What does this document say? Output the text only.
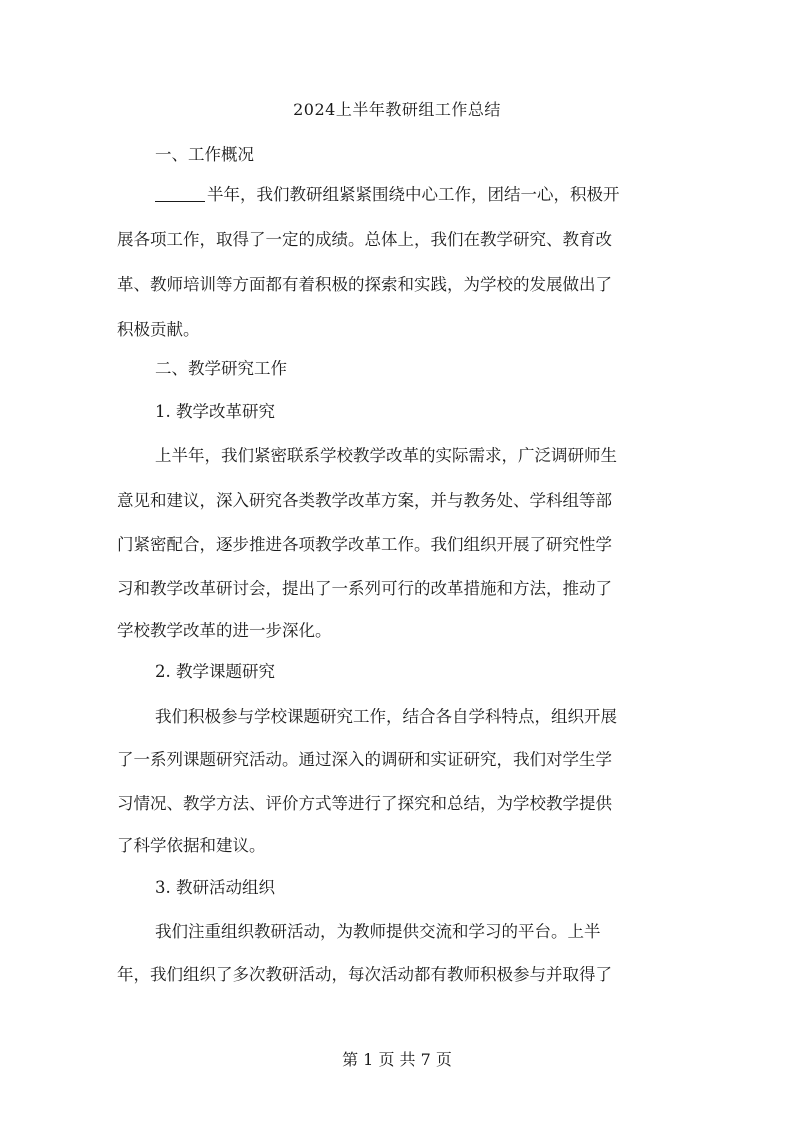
2024上半年教研组工作总结
一、工作概况
半年，我们教研组紧紧围绕中心工作，团结一心，积极开
展各项工作，取得了一定的成绩。总体上，我们在教学研究、教育改
革、教师培训等方面都有着积极的探索和实践，为学校的发展做出了
积极贡献。
二、教学研究工作
1. 教学改革研究
上半年，我们紧密联系学校教学改革的实际需求，广泛调研师生
意见和建议，深入研究各类教学改革方案，并与教务处、学科组等部
门紧密配合，逐步推进各项教学改革工作。我们组织开展了研究性学
习和教学改革研讨会，提出了一系列可行的改革措施和方法，推动了
学校教学改革的进一步深化。
2. 教学课题研究
我们积极参与学校课题研究工作，结合各自学科特点，组织开展
了一系列课题研究活动。通过深入的调研和实证研究，我们对学生学
习情况、教学方法、评价方式等进行了探究和总结，为学校教学提供
了科学依据和建议。
3. 教研活动组织
我们注重组织教研活动，为教师提供交流和学习的平台。上半
年，我们组织了多次教研活动，每次活动都有教师积极参与并取得了
第 1 页 共 7 页
